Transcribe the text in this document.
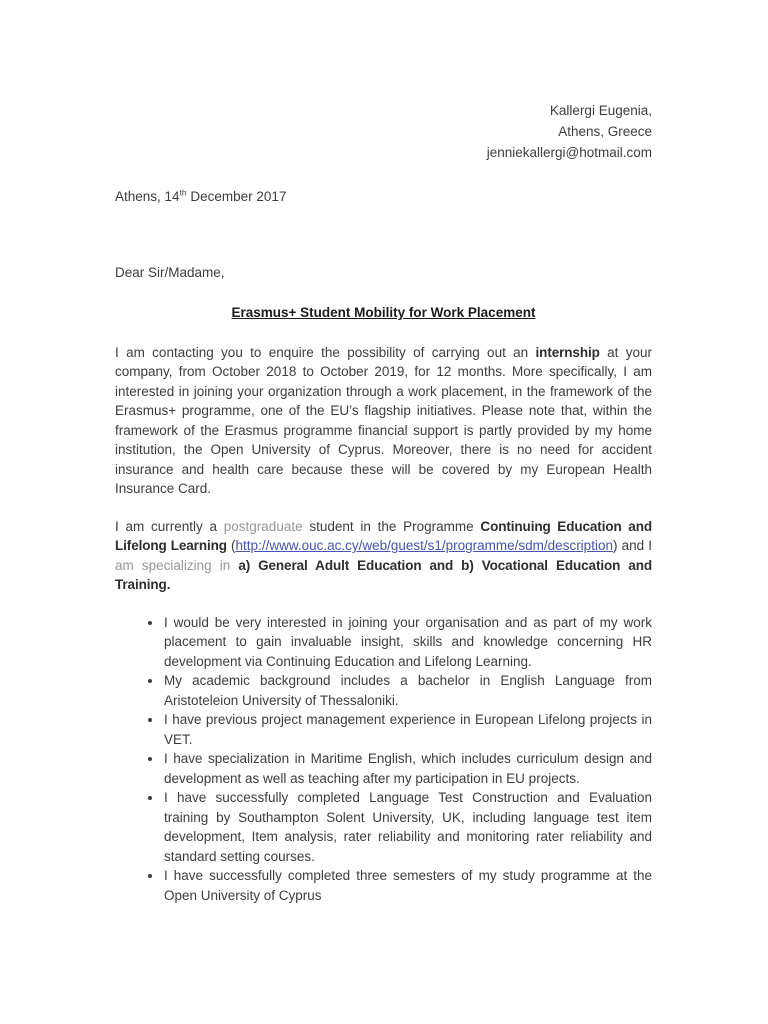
Kallergi Eugenia,
Athens, Greece
jenniekallergi@hotmail.com
Athens, 14th December 2017
Dear Sir/Madame,
Erasmus+ Student Mobility for Work Placement

I am contacting you to enquire the possibility of carrying out an internship at your company, from October 2018 to October 2019, for 12 months. More specifically, I am interested in joining your organization through a work placement, in the framework of the Erasmus+ programme, one of the EU’s flagship initiatives. Please note that, within the framework of the Erasmus programme financial support is partly provided by my home institution, the Open University of Cyprus. Moreover, there is no need for accident insurance and health care because these will be covered by my European Health Insurance Card.

I am currently a postgraduate student in the Programme Continuing Education and Lifelong Learning (http://www.ouc.ac.cy/web/guest/s1/programme/sdm/description) and I am specializing in a) General Adult Education and b) Vocational Education and Training.

• I would be very interested in joining your organisation and as part of my work placement to gain invaluable insight, skills and knowledge concerning HR development via Continuing Education and Lifelong Learning.
• My academic background includes a bachelor in English Language from Aristoteleion University of Thessaloniki.
• I have previous project management experience in European Lifelong projects in VET.
• I have specialization in Maritime English, which includes curriculum design and development as well as teaching after my participation in EU projects.
• I have successfully completed Language Test Construction and Evaluation training by Southampton Solent University, UK, including language test item development, Item analysis, rater reliability and monitoring rater reliability and standard setting courses.
• I have successfully completed three semesters of my study programme at the Open University of Cyprus
